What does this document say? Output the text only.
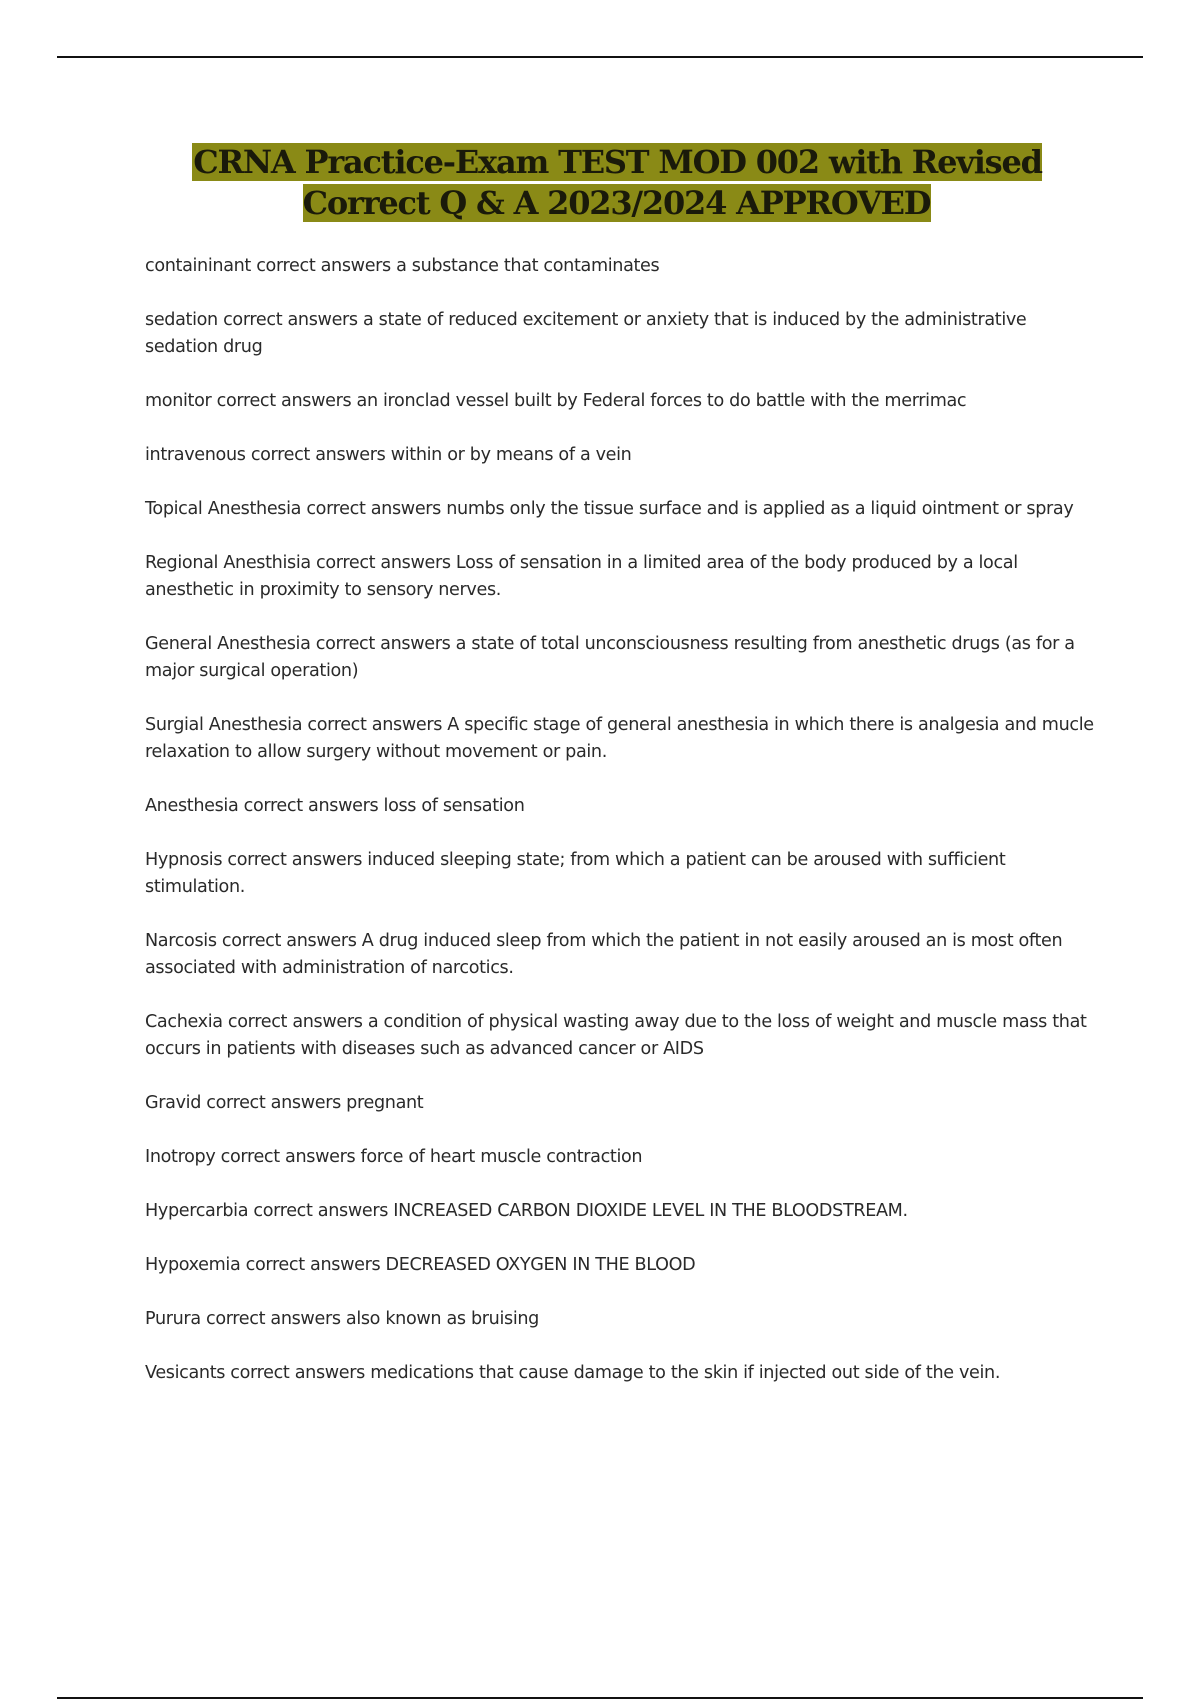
CRNA Practice-Exam TEST MOD 002 with Revised Correct Q & A 2023/2024 APPROVED

containinant correct answers a substance that contaminates

sedation correct answers a state of reduced excitement or anxiety that is induced by the administrative sedation drug

monitor correct answers an ironclad vessel built by Federal forces to do battle with the merrimac

intravenous correct answers within or by means of a vein

Topical Anesthesia correct answers numbs only the tissue surface and is applied as a liquid ointment or spray

Regional Anesthisia correct answers Loss of sensation in a limited area of the body produced by a local anesthetic in proximity to sensory nerves.

General Anesthesia correct answers a state of total unconsciousness resulting from anesthetic drugs (as for a major surgical operation)

Surgial Anesthesia correct answers A specific stage of general anesthesia in which there is analgesia and mucle relaxation to allow surgery without movement or pain.

Anesthesia correct answers loss of sensation

Hypnosis correct answers induced sleeping state; from which a patient can be aroused with sufficient stimulation.

Narcosis correct answers A drug induced sleep from which the patient in not easily aroused an is most often associated with administration of narcotics.

Cachexia correct answers a condition of physical wasting away due to the loss of weight and muscle mass that occurs in patients with diseases such as advanced cancer or AIDS

Gravid correct answers pregnant

Inotropy correct answers force of heart muscle contraction

Hypercarbia correct answers INCREASED CARBON DIOXIDE LEVEL IN THE BLOODSTREAM.

Hypoxemia correct answers DECREASED OXYGEN IN THE BLOOD

Purura correct answers also known as bruising

Vesicants correct answers medications that cause damage to the skin if injected out side of the vein.
